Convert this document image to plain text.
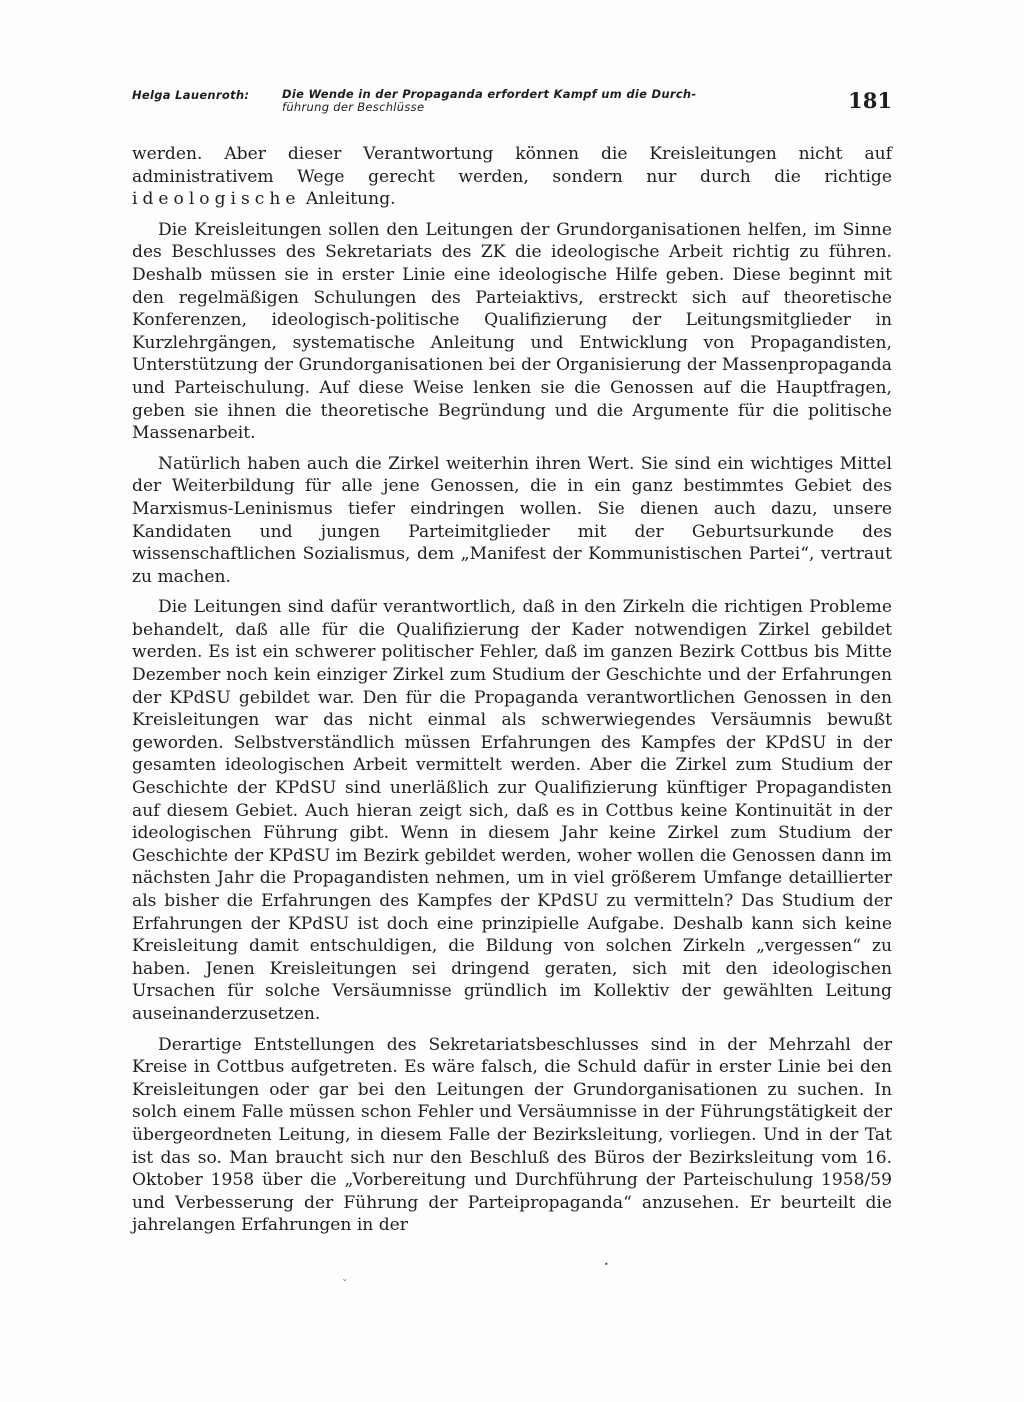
Helga Lauenroth:	Die Wende in der Propaganda erfordert Kampf um die Durch-
führung der Beschlüsse	181

werden. Aber dieser Verantwortung können die Kreisleitungen nicht auf administrativem Wege gerecht werden, sondern nur durch die richtige ideologische Anleitung.

Die Kreisleitungen sollen den Leitungen der Grundorganisationen helfen, im Sinne des Beschlusses des Sekretariats des ZK die ideologische Arbeit richtig zu führen. Deshalb müssen sie in erster Linie eine ideologische Hilfe geben. Diese beginnt mit den regelmäßigen Schulungen des Parteiaktivs, erstreckt sich auf theoretische Konferenzen, ideologisch-politische Qualifizierung der Leitungsmitglieder in Kurzlehrgängen, systematische Anleitung und Entwicklung von Propagandisten, Unterstützung der Grundorganisationen bei der Organisierung der Massenpropaganda und Parteischulung. Auf diese Weise lenken sie die Genossen auf die Hauptfragen, geben sie ihnen die theoretische Begründung und die Argumente für die politische Massenarbeit.

Natürlich haben auch die Zirkel weiterhin ihren Wert. Sie sind ein wichtiges Mittel der Weiterbildung für alle jene Genossen, die in ein ganz bestimmtes Gebiet des Marxismus-Leninismus tiefer eindringen wollen. Sie dienen auch dazu, unsere Kandidaten und jungen Parteimitglieder mit der Geburtsurkunde des wissenschaftlichen Sozialismus, dem „Manifest der Kommunistischen Partei“, vertraut zu machen.

Die Leitungen sind dafür verantwortlich, daß in den Zirkeln die richtigen Probleme behandelt, daß alle für die Qualifizierung der Kader notwendigen Zirkel gebildet werden. Es ist ein schwerer politischer Fehler, daß im ganzen Bezirk Cottbus bis Mitte Dezember noch kein einziger Zirkel zum Studium der Geschichte und der Erfahrungen der KPdSU gebildet war. Den für die Propaganda verantwortlichen Genossen in den Kreisleitungen war das nicht einmal als schwerwiegendes Versäumnis bewußt geworden. Selbstverständlich müssen Erfahrungen des Kampfes der KPdSU in der gesamten ideologischen Arbeit vermittelt werden. Aber die Zirkel zum Studium der Geschichte der KPdSU sind unerläßlich zur Qualifizierung künftiger Propagandisten auf diesem Gebiet. Auch hieran zeigt sich, daß es in Cottbus keine Kontinuität in der ideologischen Führung gibt. Wenn in diesem Jahr keine Zirkel zum Studium der Geschichte der KPdSU im Bezirk gebildet werden, woher wollen die Genossen dann im nächsten Jahr die Propagandisten nehmen, um in viel größerem Umfange detaillierter als bisher die Erfahrungen des Kampfes der KPdSU zu vermitteln? Das Studium der Erfahrungen der KPdSU ist doch eine prinzipielle Aufgabe. Deshalb kann sich keine Kreisleitung damit entschuldigen, die Bildung von solchen Zirkeln „vergessen“ zu haben. Jenen Kreisleitungen sei dringend geraten, sich mit den ideologischen Ursachen für solche Versäumnisse gründlich im Kollektiv der gewählten Leitung auseinanderzusetzen.

Derartige Entstellungen des Sekretariatsbeschlusses sind in der Mehrzahl der Kreise in Cottbus aufgetreten. Es wäre falsch, die Schuld dafür in erster Linie bei den Kreisleitungen oder gar bei den Leitungen der Grundorganisationen zu suchen. In solch einem Falle müssen schon Fehler und Versäumnisse in der Führungstätigkeit der übergeordneten Leitung, in diesem Falle der Bezirksleitung, vorliegen. Und in der Tat ist das so. Man braucht sich nur den Beschluß des Büros der Bezirksleitung vom 16. Oktober 1958 über die „Vorbereitung und Durchführung der Parteischulung 1958/59 und Verbesserung der Führung der Parteipropaganda“ anzusehen. Er beurteilt die jahrelangen Erfahrungen in der

•
ˇ
